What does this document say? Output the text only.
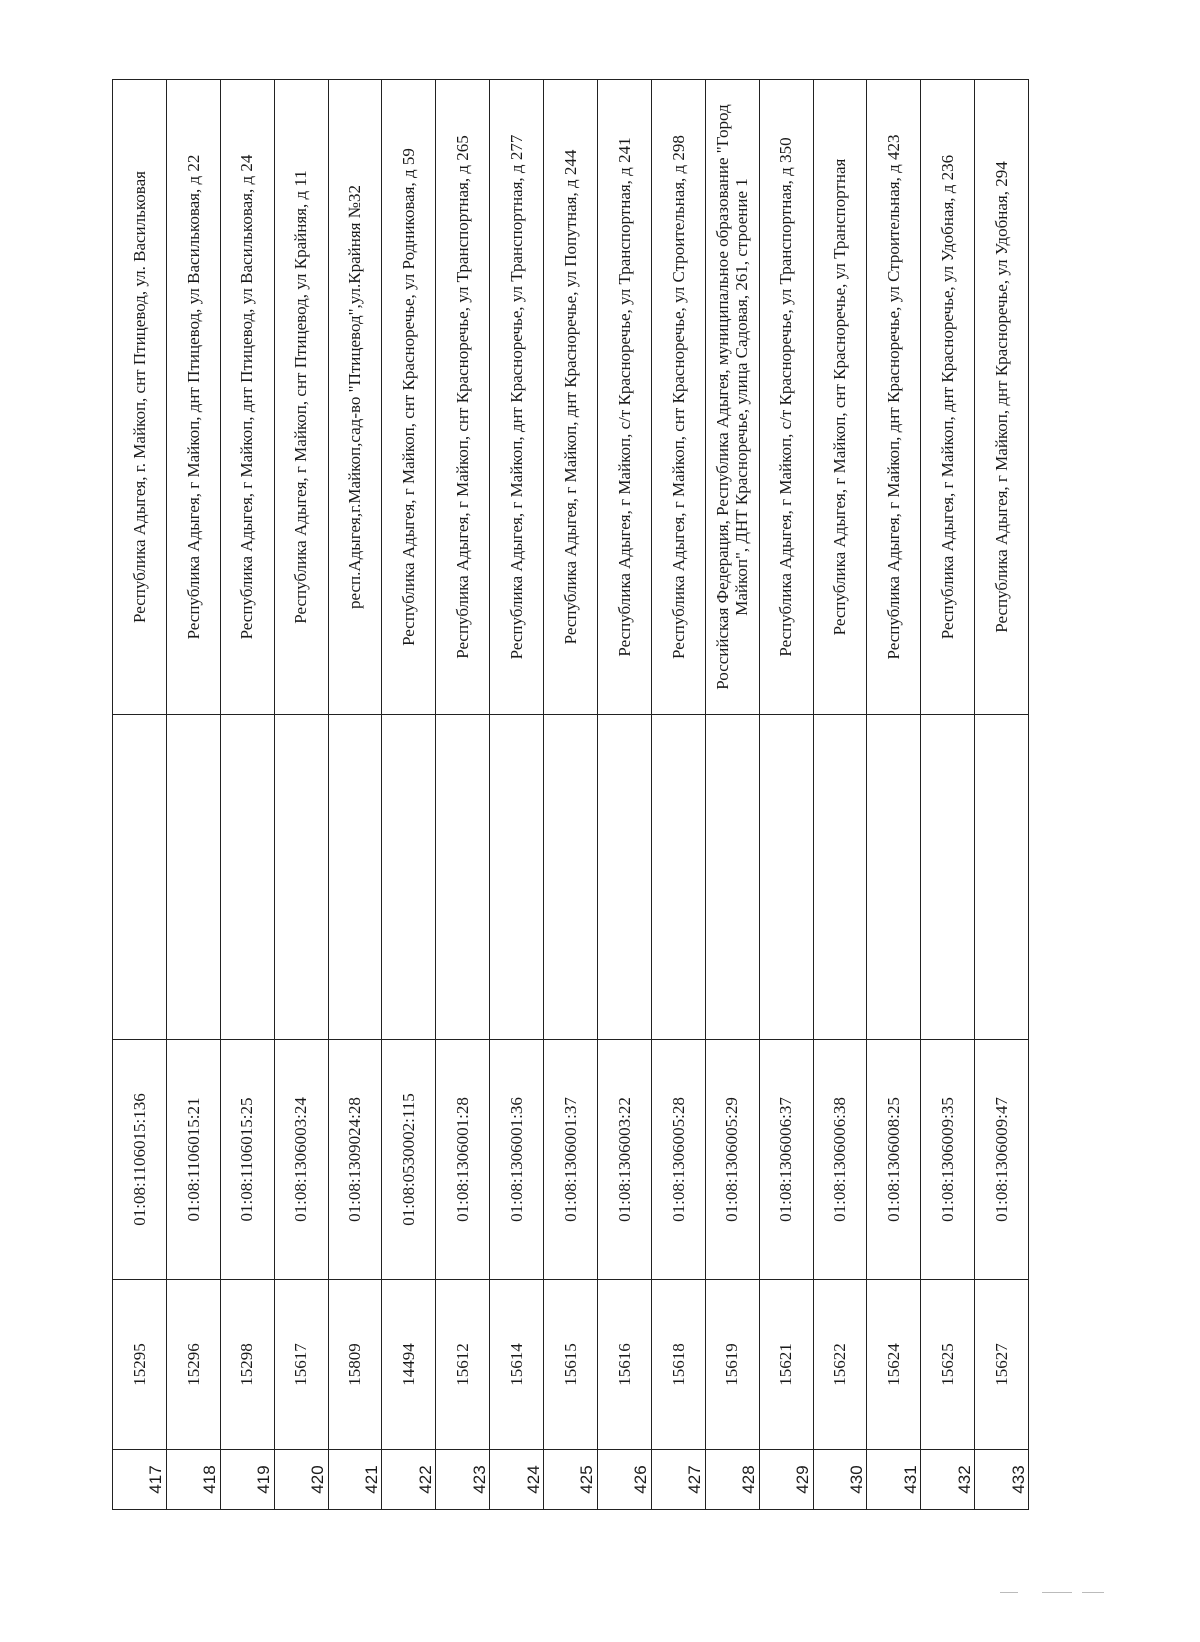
417	15295	01:08:1106015:136		Республика Адыгея, г. Майкоп, снт Птицевод, ул. Васильковая
418	15296	01:08:1106015:21		Республика Адыгея, г Майкоп, днт Птицевод, ул Васильковая, д 22
419	15298	01:08:1106015:25		Республика Адыгея, г Майкоп, днт Птицевод, ул Васильковая, д 24
420	15617	01:08:1306003:24		Республика Адыгея, г Майкоп, снт Птицевод, ул Крайняя, д 11
421	15809	01:08:1309024:28		респ.Адыгея,г.Майкоп,сад-во "Птицевод",ул.Крайняя №32
422	14494	01:08:0530002:115		Республика Адыгея, г Майкоп, снт Красноречье, ул Родниковая, д 59
423	15612	01:08:1306001:28		Республика Адыгея, г Майкоп, снт Красноречье, ул Транспортная, д 265
424	15614	01:08:1306001:36		Республика Адыгея, г Майкоп, днт Красноречье, ул Транспортная, д 277
425	15615	01:08:1306001:37		Республика Адыгея, г Майкоп, днт Красноречье, ул Попутная, д 244
426	15616	01:08:1306003:22		Республика Адыгея, г Майкоп, с/т Красноречье, ул Транспортная, д 241
427	15618	01:08:1306005:28		Республика Адыгея, г Майкоп, снт Красноречье, ул Строительная, д 298
428	15619	01:08:1306005:29		Российская Федерация, Республика Адыгея, муниципальное образование "Город Майкоп", ДНТ Красноречье, улица Садовая, 261, строение 1
429	15621	01:08:1306006:37		Республика Адыгея, г Майкоп, с/т Красноречье, ул Транспортная, д 350
430	15622	01:08:1306006:38		Республика Адыгея, г Майкоп, снт Красноречье, ул Транспортная
431	15624	01:08:1306008:25		Республика Адыгея, г Майкоп, днт Красноречье, ул Строительная, д 423
432	15625	01:08:1306009:35		Республика Адыгея, г Майкоп, днт Красноречье, ул Удобная, д 236
433	15627	01:08:1306009:47		Республика Адыгея, г Майкоп, днт Красноречье, ул Удобная, 294
